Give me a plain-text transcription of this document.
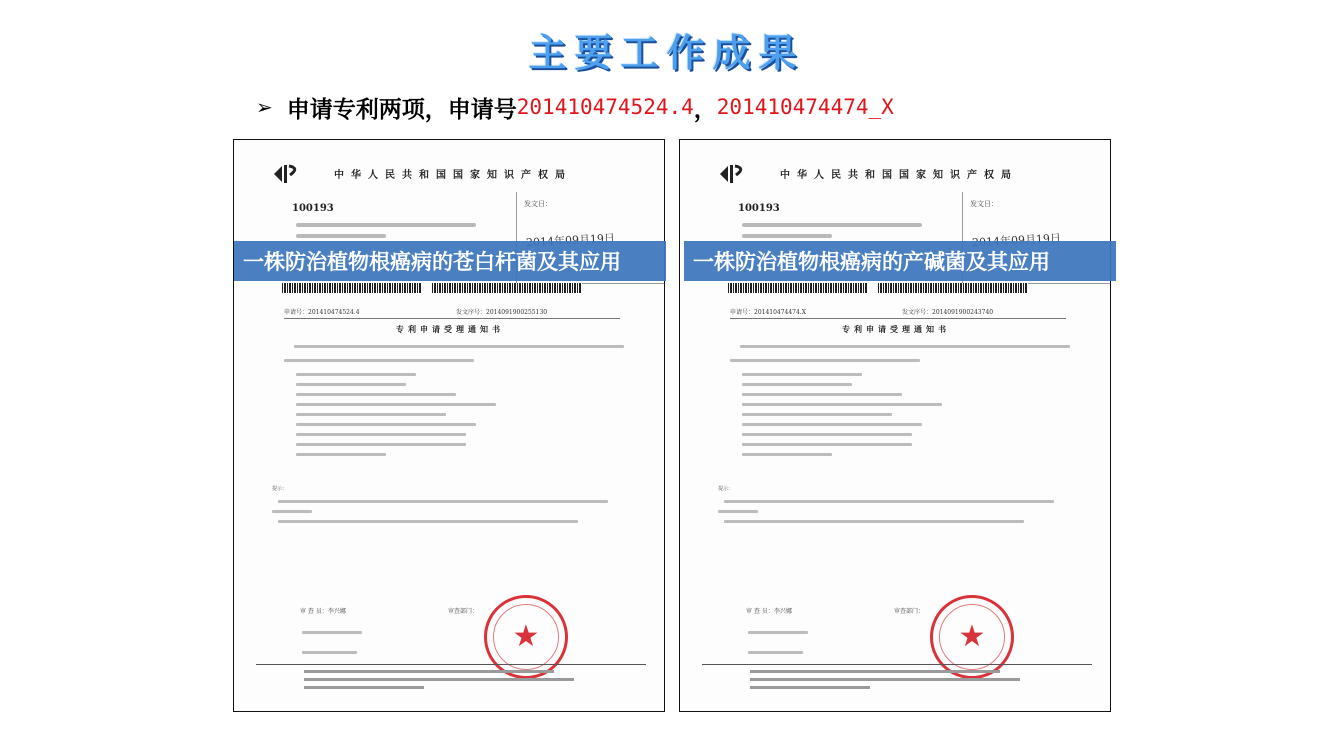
主要工作成果
➢ 申请专利两项，申请号 201410474524.4 ， 201410474474_X
中华人民共和国国家知识产权局
100193	发文日：
申请号：201410474524.4	发文序号：2014091900255130
专利申请受理通知书
提示：
审 查 员：李兴娜	审查部门：
★
中华人民共和国国家知识产权局
100193	发文日：
申请号：201410474474.X	发文序号：2014091900243740
专利申请受理通知书
提示：
审 查 员：李兴娜	审查部门：
★
一株防治植物根癌病的苍白杆菌及其应用	一株防治植物根癌病的产碱菌及其应用
